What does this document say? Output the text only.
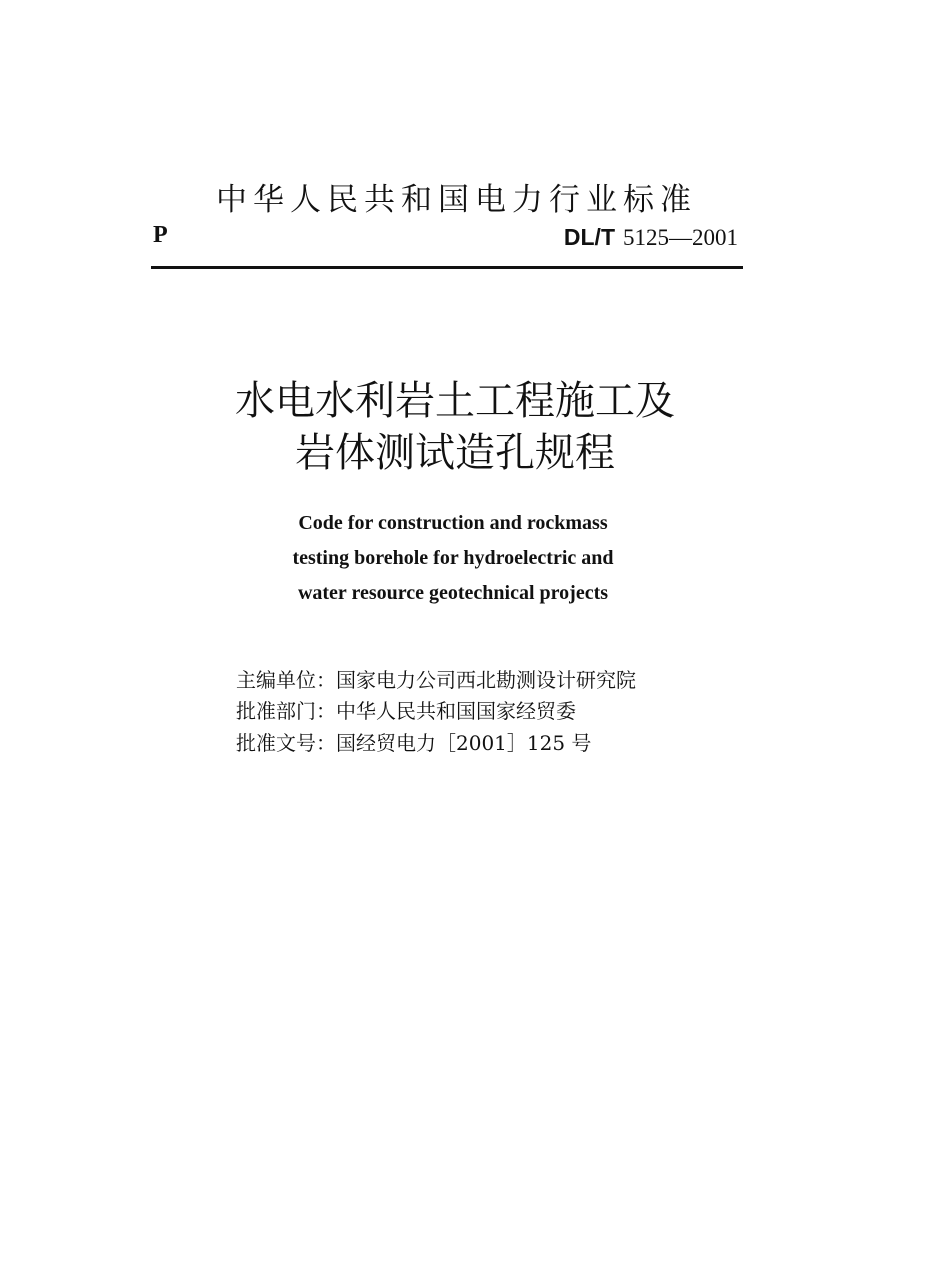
中华人民共和国电力行业标准
P	DL/T 5125—2001
水电水利岩土工程施工及
岩体测试造孔规程
Code for construction and rockmass
testing borehole for hydroelectric and
water resource geotechnical projects
主编单位：国家电力公司西北勘测设计研究院
批准部门：中华人民共和国国家经贸委
批准文号：国经贸电力［2001］125 号
